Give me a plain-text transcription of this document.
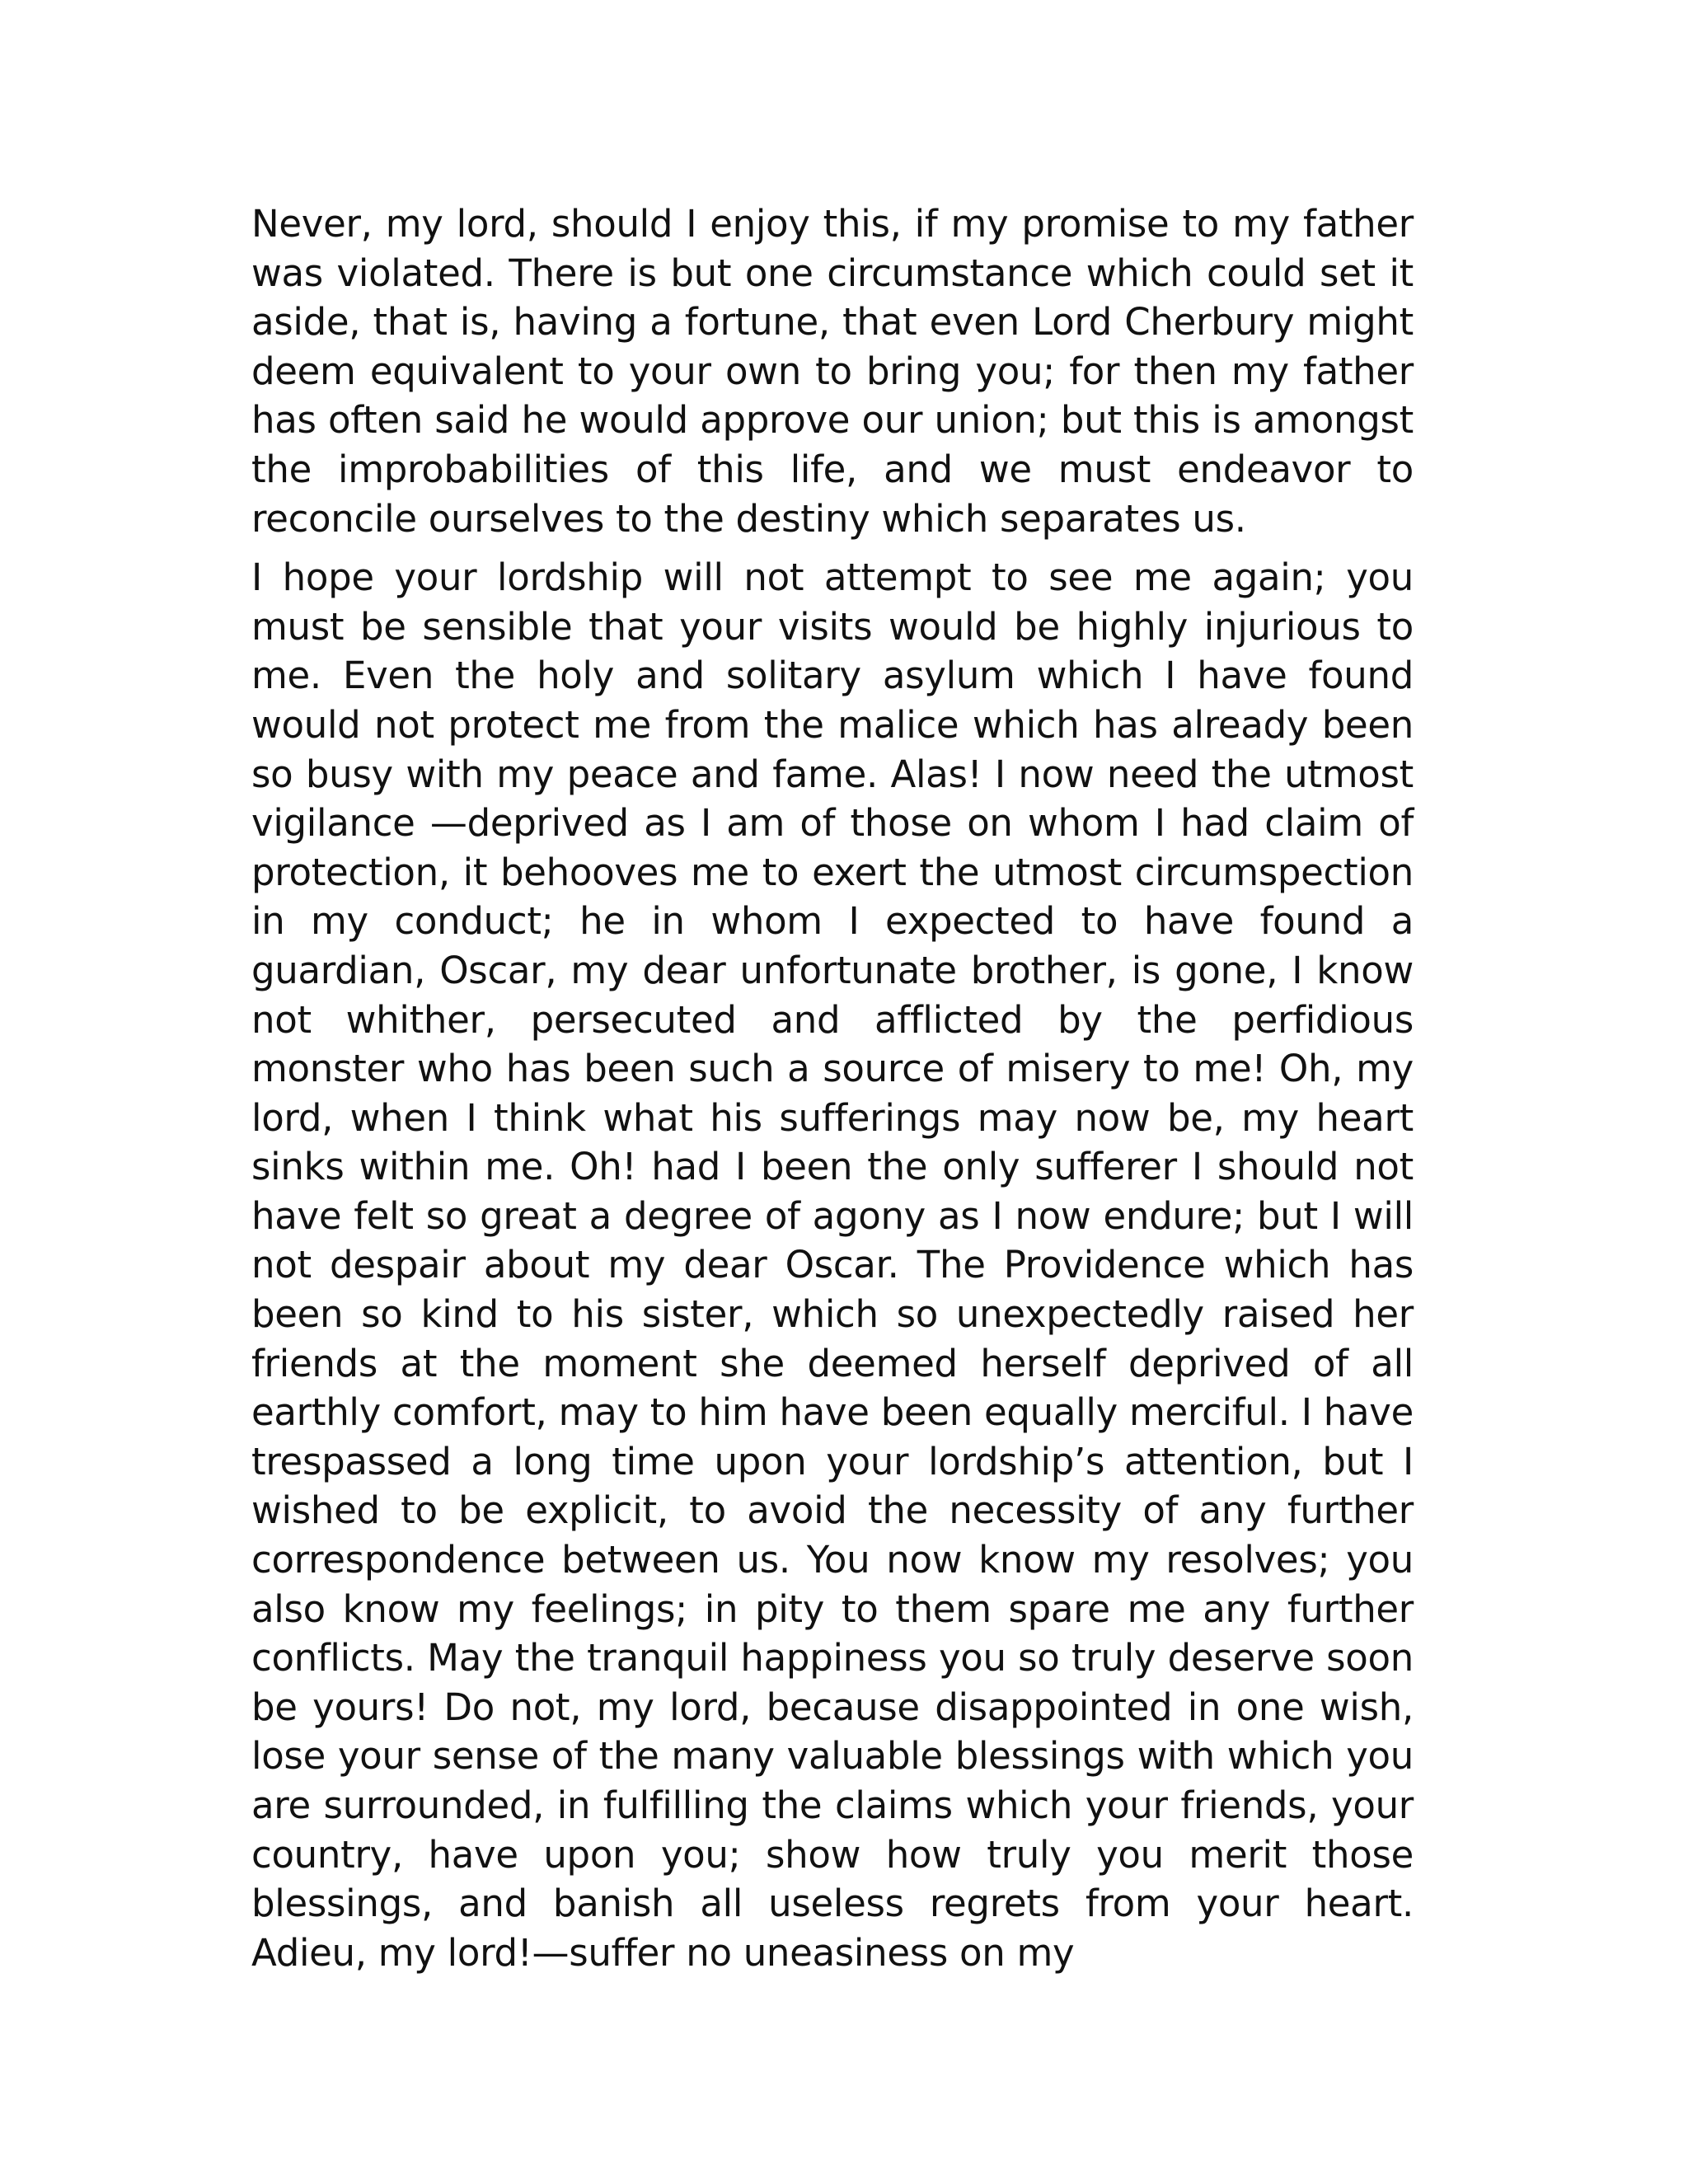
Never, my lord, should I enjoy this, if my promise to my father was violated. There is but one circumstance which could set it aside, that is, having a fortune, that even Lord Cherbury might deem equivalent to your own to bring you; for then my father has often said he would approve our union; but this is amongst the improbabilities of this life, and we must endeavor to reconcile ourselves to the destiny which separates us.

I hope your lordship will not attempt to see me again; you must be sensible that your visits would be highly injurious to me. Even the holy and solitary asylum which I have found would not protect me from the malice which has already been so busy with my peace and fame. Alas! I now need the utmost vigilance —deprived as I am of those on whom I had claim of protection, it behooves me to exert the utmost circumspection in my conduct; he in whom I expected to have found a guardian, Oscar, my dear unfortunate brother, is gone, I know not whither, persecuted and afflicted by the perfidious monster who has been such a source of misery to me! Oh, my lord, when I think what his sufferings may now be, my heart sinks within me. Oh! had I been the only sufferer I should not have felt so great a degree of agony as I now endure; but I will not despair about my dear Oscar. The Providence which has been so kind to his sister, which so unexpectedly raised her friends at the moment she deemed herself deprived of all earthly comfort, may to him have been equally merciful. I have trespassed a long time upon your lordship’s attention, but I wished to be explicit, to avoid the necessity of any further correspondence between us. You now know my resolves; you also know my feelings; in pity to them spare me any further conflicts. May the tranquil happiness you so truly deserve soon be yours! Do not, my lord, because disappointed in one wish, lose your sense of the many valuable blessings with which you are surrounded, in fulfilling the claims which your friends, your country, have upon you; show how truly you merit those blessings, and banish all useless regrets from your heart. Adieu, my lord!—suffer no uneasiness on my
